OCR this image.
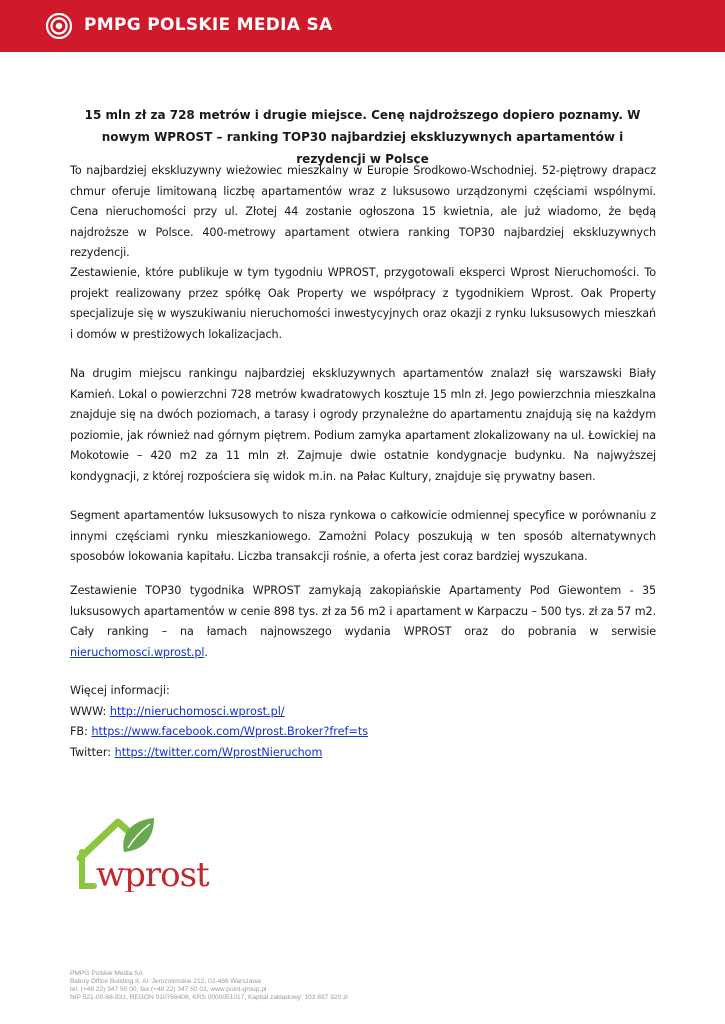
PMPG POLSKIE MEDIA SA
15 mln zł za 728 metrów i drugie miejsce. Cenę najdroższego dopiero poznamy. W nowym WPROST – ranking TOP30 najbardziej ekskluzywnych apartamentów i rezydencji w Polsce

To najbardziej ekskluzywny wieżowiec mieszkalny w Europie Środkowo-Wschodniej. 52-piętrowy drapacz chmur oferuje limitowaną liczbę apartamentów wraz z luksusowo urządzonymi częściami wspólnymi. Cena nieruchomości przy ul. Złotej 44 zostanie ogłoszona 15 kwietnia, ale już wiadomo, że będą najdroższe w Polsce. 400-metrowy apartament otwiera ranking TOP30 najbardziej ekskluzywnych rezydencji.

Zestawienie, które publikuje w tym tygodniu WPROST, przygotowali eksperci Wprost Nieruchomości. To projekt realizowany przez spółkę Oak Property we współpracy z tygodnikiem Wprost. Oak Property specjalizuje się w wyszukiwaniu nieruchomości inwestycyjnych oraz okazji z rynku luksusowych mieszkań i domów w prestiżowych lokalizacjach.

Na drugim miejscu rankingu najbardziej ekskluzywnych apartamentów znalazł się warszawski Biały Kamień. Lokal o powierzchni 728 metrów kwadratowych kosztuje 15 mln zł. Jego powierzchnia mieszkalna znajduje się na dwóch poziomach, a tarasy i ogrody przynależne do apartamentu znajdują się na każdym poziomie, jak również nad górnym piętrem. Podium zamyka apartament zlokalizowany na ul. Łowickiej na Mokotowie – 420 m2 za 11 mln zł. Zajmuje dwie ostatnie kondygnacje budynku. Na najwyższej kondygnacji, z której rozpościera się widok m.in. na Pałac Kultury, znajduje się prywatny basen.

Segment apartamentów luksusowych to nisza rynkowa o całkowicie odmiennej specyfice w porównaniu z innymi częściami rynku mieszkaniowego. Zamożni Polacy poszukują w ten sposób alternatywnych sposobów lokowania kapitału. Liczba transakcji rośnie, a oferta jest coraz bardziej wyszukana.

Zestawienie TOP30 tygodnika WPROST zamykają zakopiańskie Apartamenty Pod Giewontem - 35 luksusowych apartamentów w cenie 898 tys. zł za 56 m2 i apartament w Karpaczu – 500 tys. zł za 57 m2. Cały ranking – na łamach najnowszego wydania WPROST oraz do pobrania w serwisie nieruchomosci.wprost.pl.

Więcej informacji:
WWW: http://nieruchomosci.wprost.pl/
FB: https://www.facebook.com/Wprost.Broker?fref=ts
Twitter: https://twitter.com/WprostNieruchom
wprost
PMPG Polskie Media SA
Batory Office Building II, Al. Jerozolimskie 212, 02-486 Warszawa
tel. (+48 22) 347 50 00, fax (+48 22) 347 50 01, www.point-group.pl
NIP 521-00-88-831, REGON 010768408, KRS 0000051017, Kapitał zakładowy: 103 897 320 zł
